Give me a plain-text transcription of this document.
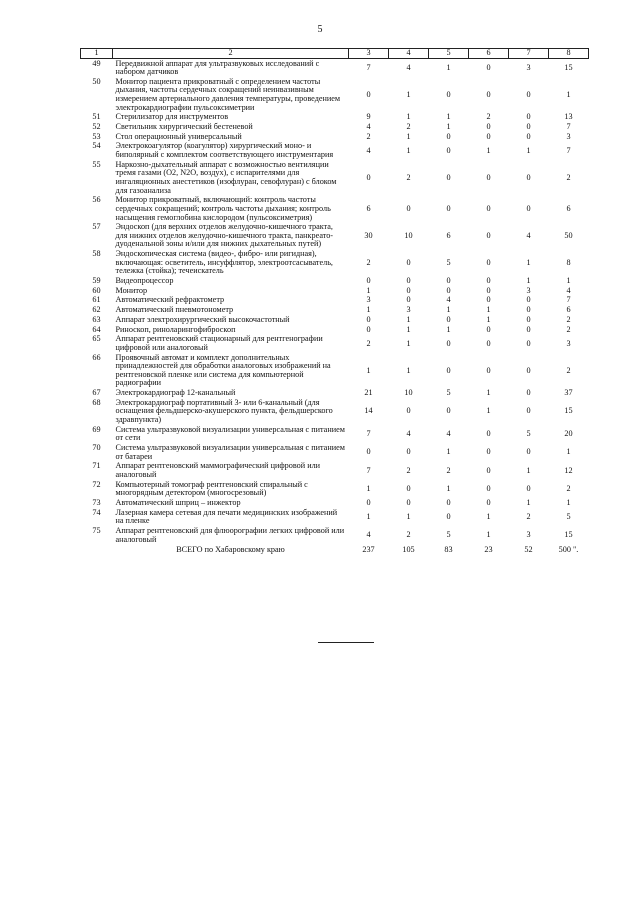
5
1	2	3	4	5	6	7	8
49	Передвижной аппарат для ультразвуковых исследований с набором датчиков	7	4	1	0	3	15
50	Монитор пациента прикроватный с определением частоты дыхания, частоты сердечных сокращений неинвазивным измерением артериального давления температуры, проведением электрокардиографии пульсоксиметрии	0	1	0	0	0	1
51	Стерилизатор для инструментов	9	1	1	2	0	13
52	Светильник хирургический бестеневой	4	2	1	0	0	7
53	Стол операционный универсальный	2	1	0	0	0	3
54	Электрокоагулятор (коагулятор) хирургический моно- и биполярный с комплектом соответствующего инструментария	4	1	0	1	1	7
55	Наркозно-дыхательный аппарат с возможностью вентиляции тремя газами (О2, N2O, воздух), с испарителями для ингаляционных анестетиков (изофлуран, севофлуран) с блоком для газоанализа	0	2	0	0	0	2
56	Монитор прикроватный, включающий: контроль частоты сердечных сокращений; контроль частоты дыхания; контроль насыщения гемоглобина кислородом (пульсоксиметрия)	6	0	0	0	0	6
57	Эндоскоп (для верхних отделов желудочно-кишечного тракта, для нижних отделов желудочно-кишечного тракта, панкреато-дуоденальной зоны и/или для нижних дыхательных путей)	30	10	6	0	4	50
58	Эндоскопическая система (видео-, фибро- или ригидная), включающая: осветитель, инсуффлятор, электроотсасыватель, тележка (стойка); течеискатель	2	0	5	0	1	8
59	Видеопроцессор	0	0	0	0	1	1
60	Монитор	1	0	0	0	3	4
61	Автоматический рефрактометр	3	0	4	0	0	7
62	Автоматический пневмотонометр	1	3	1	1	0	6
63	Аппарат электрохирургический высокочастотный	0	1	0	1	0	2
64	Риноскоп, риноларингофиброскоп	0	1	1	0	0	2
65	Аппарат рентгеновский стационарный для рентгенографии цифровой или аналоговый	2	1	0	0	0	3
66	Проявочный автомат и комплект дополнительных принадлежностей для обработки аналоговых изображений на рентгеновской пленке или система для компьютерной радиографии	1	1	0	0	0	2
67	Электрокардиограф 12-канальный	21	10	5	1	0	37
68	Электрокардиограф портативный 3- или 6-канальный (для оснащения фельдшерско-акушерского пункта, фельдшерского здравпункта)	14	0	0	1	0	15
69	Система ультразвуковой визуализации универсальная с питанием от сети	7	4	4	0	5	20
70	Система ультразвуковой визуализации универсальная с питанием от батареи	0	0	1	0	0	1
71	Аппарат рентгеновский маммографический цифровой или аналоговый	7	2	2	0	1	12
72	Компьютерный томограф рентгеновский спиральный с многорядным детектором (многосрезовый)	1	0	1	0	0	2
73	Автоматический шприц – инжектор	0	0	0	0	1	1
74	Лазерная камера сетевая для печати медицинских изображений на пленке	1	1	0	1	2	5
75	Аппарат рентгеновский для флюорографии легких цифровой или аналоговый	4	2	5	1	3	15
	ВСЕГО по Хабаровскому краю	237	105	83	23	52	500 ".
